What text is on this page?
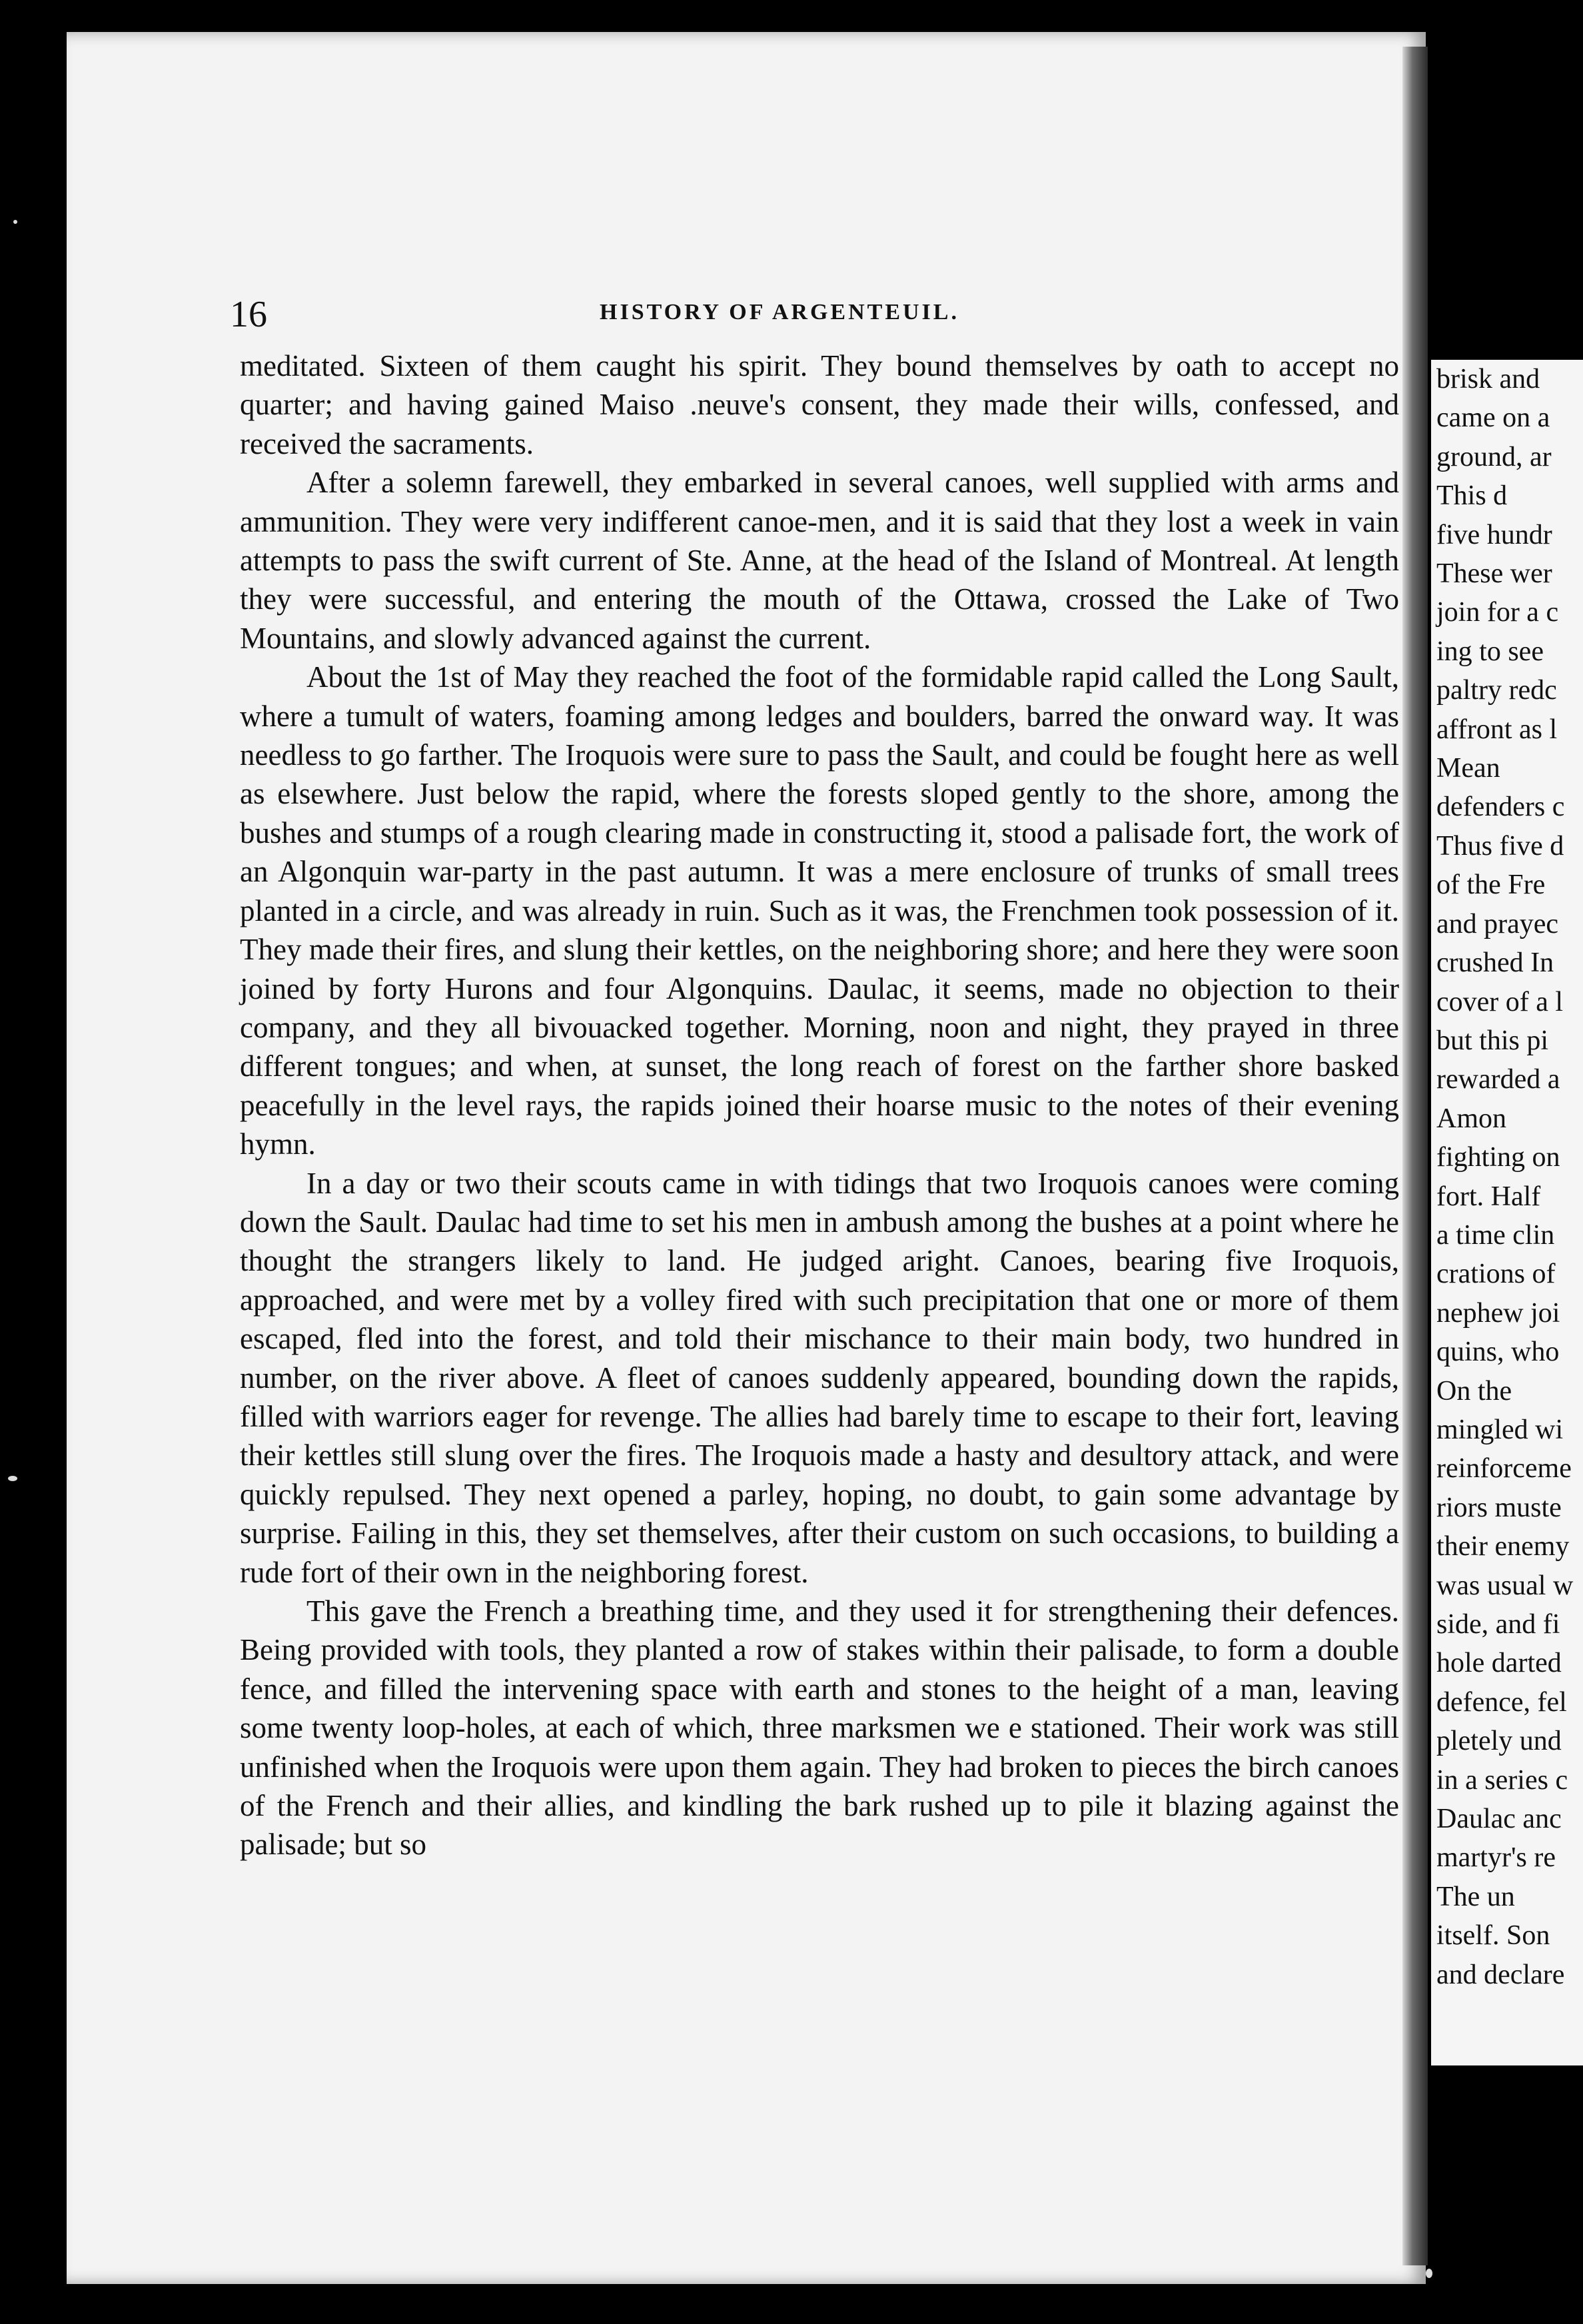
16	HISTORY OF ARGENTEUIL.

meditated. Sixteen of them caught his spirit. They bound themselves by oath to accept no quarter; and having gained Maiso .neuve's consent, they made their wills, confessed, and received the sacraments.

After a solemn farewell, they embarked in several canoes, well supplied with arms and ammunition. They were very indifferent canoe-men, and it is said that they lost a week in vain attempts to pass the swift current of Ste. Anne, at the head of the Island of Montreal. At length they were successful, and entering the mouth of the Ottawa, crossed the Lake of Two Mountains, and slowly advanced against the current.

About the 1st of May they reached the foot of the formidable rapid called the Long Sault, where a tumult of waters, foaming among ledges and boulders, barred the onward way. It was needless to go farther. The Iroquois were sure to pass the Sault, and could be fought here as well as elsewhere. Just below the rapid, where the forests sloped gently to the shore, among the bushes and stumps of a rough clearing made in constructing it, stood a palisade fort, the work of an Algonquin war-party in the past autumn. It was a mere enclosure of trunks of small trees planted in a circle, and was already in ruin. Such as it was, the Frenchmen took possession of it. They made their fires, and slung their kettles, on the neighboring shore; and here they were soon joined by forty Hurons and four Algonquins. Daulac, it seems, made no objection to their company, and they all bivouacked together. Morning, noon and night, they prayed in three different tongues; and when, at sunset, the long reach of forest on the farther shore basked peacefully in the level rays, the rapids joined their hoarse music to the notes of their evening hymn.

In a day or two their scouts came in with tidings that two Iroquois canoes were coming down the Sault. Daulac had time to set his men in ambush among the bushes at a point where he thought the strangers likely to land. He judged aright. Canoes, bearing five Iroquois, approached, and were met by a volley fired with such precipitation that one or more of them escaped, fled into the forest, and told their mischance to their main body, two hundred in number, on the river above. A fleet of canoes suddenly appeared, bounding down the rapids, filled with warriors eager for revenge. The allies had barely time to escape to their fort, leaving their kettles still slung over the fires. The Iroquois made a hasty and desultory attack, and were quickly repulsed. They next opened a parley, hoping, no doubt, to gain some advantage by surprise. Failing in this, they set themselves, after their custom on such occasions, to building a rude fort of their own in the neighboring forest.

This gave the French a breathing time, and they used it for strengthening their defences. Being provided with tools, they planted a row of stakes within their palisade, to form a double fence, and filled the intervening space with earth and stones to the height of a man, leaving some twenty loop-holes, at each of which, three marksmen we e stationed. Their work was still unfinished when the Iroquois were upon them again. They had broken to pieces the birch canoes of the French and their allies, and kindling the bark rushed up to pile it blazing against the palisade; but so

brisk and
came on a
ground, ar
This d
five hundr
These wer
join for a c
ing to see
paltry redc
affront as l
Mean
defenders c
Thus five d
of the Fre
and prayec
crushed In
cover of a l
but this pi
rewarded a
Amon
fighting on
fort. Half
a time clin
crations of
nephew joi
quins, who
On the
mingled wi
reinforceme
riors muste
their enemy
was usual w
side, and fi
hole darted
defence, fel
pletely und
in a series c
Daulac anc
martyr's re
The un
itself. Son
and declare
